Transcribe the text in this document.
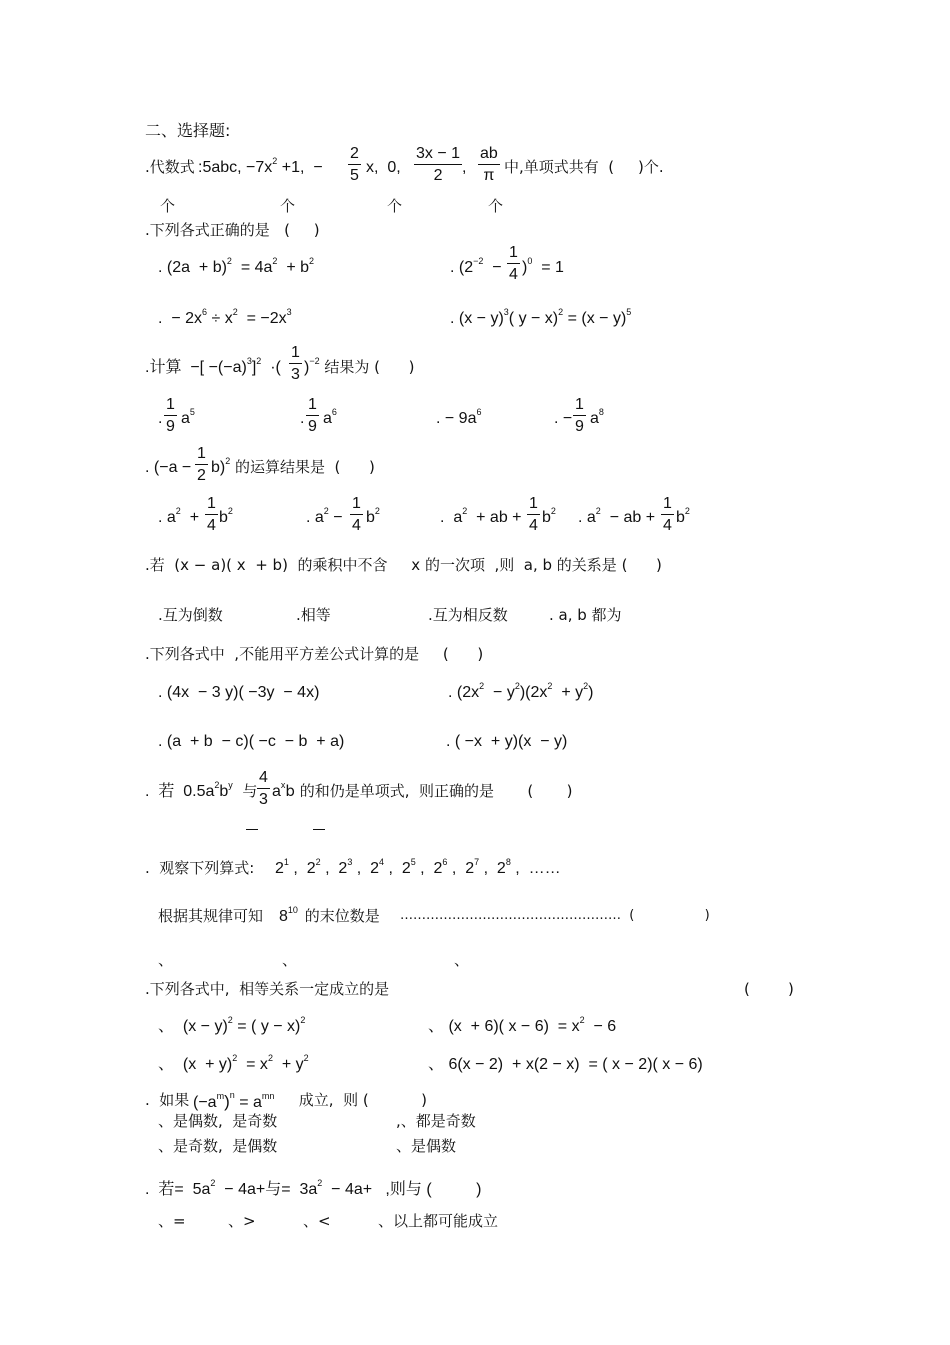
二、选择题:
.代数式 :5abc, $-7x^2 +1$,  −
2
5 x,  0,
3x − 1
2 ,
ab
π 中,单项式共有  (     )个.
个	个	个	个
.下列各式正确的是   (     )
. $(2a + b)^2 = 4a^2 + b^2$	. ($2^{-2}$  −
1
4 )$^0$  = 1
.  − $2x^6 \div x^2 = -2x^3$	. $(x - y)^3$( $y - x)^2 = (x - y)^5$
.计算  −[ $-(-a)^3]^2$  ·(
1
3 )$^{-2}$ 结果为 (      )
.
1
9 $a^5$	.
1
9 $a^6$	. − $9a^6$	. −
1
9 $a^8$
. (−a −
1
2 b)$^2$ 的运算结果是  (      )
. $a^2$  +
1
4 $b^2$	. $a^2$ −
1
4 $b^2$	.  $a^2$  + ab +
1
4 $b^2$ . $a^2$  − ab +
1
4 $b^2$
.若  (x − a)( x  + b)  的乘积中不含     x 的一次项  ,则  a, b 的关系是 (      )
.互为倒数	.相等	.互为相反数	. a, b 都为
.下列各式中  ,不能用平方差公式计算的是     (      )
. (4x  − 3 y)( −3y  − 4x)	. $(2x^2 - y^2)(2x^2 + y^2)$
. (a  + b  − c)( −c  − b  + a)	. ( −x  + y)(x  − y)
.  若  $0.5a^2b^y$  与
4
3 $a^xb$ 的和仍是单项式,  则正确的是       (       )
.  观察下列算式: $2^1$ ,  $2^2$ ,  $2^3$ ,  $2^4$ ,  $2^5$ ,  $2^6$ ,  $2^7$ ,  $2^8$ ,  ……
根据其规律可知 $8^{10}$ 的末位数是 ……………………………………………  (                 )
、	、	、
.下列各式中,  相等关系一定成立的是	(        )
、  $(x - y)^2$ = ( y − x)$^2$	、 (x  + 6)( $x - 6) = x^2 - 6$
、  $(x + y)^2 = x^2 + y^2$	、 6(x − 2)  + x(2 − x)  = ( x − 2)( x − 6)
.  如果 $(-a^m)^n = a^{mn}$ 成立,  则 (           )
、是偶数,  是奇数	,、都是奇数
、是奇数,  是偶数	、是偶数
.  若=  $5a^2 - 4a+$与=  $3a^2 - 4a+$   ,则与 (          )
、=	、>	、<	、以上都可能成立
